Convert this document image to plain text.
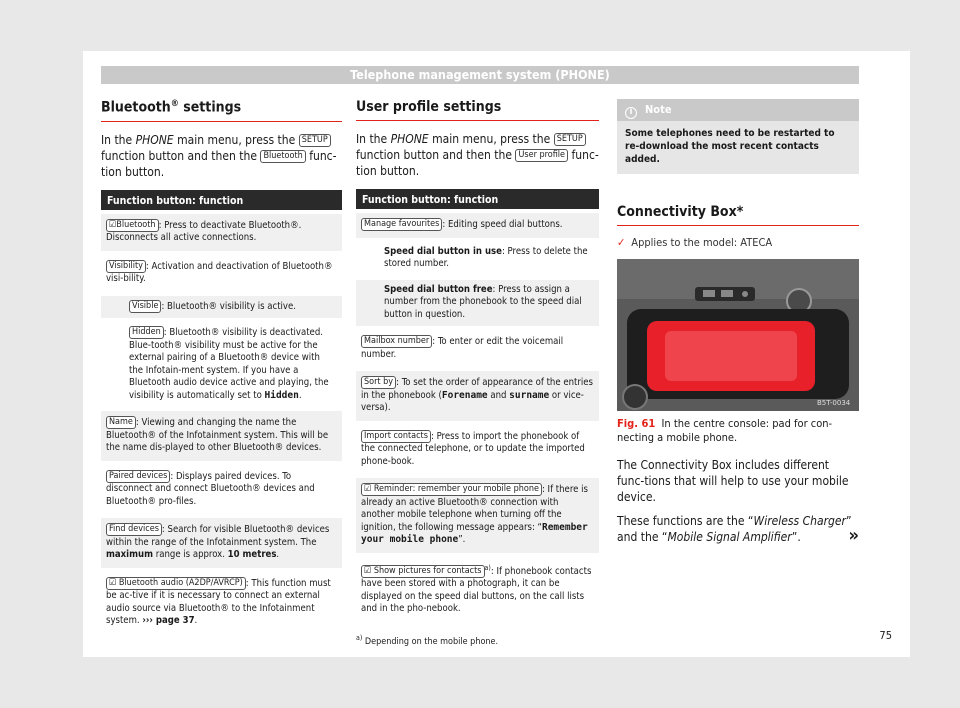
Telephone management system (PHONE)
Bluetooth® settings

In the PHONE main menu, press the SETUP function button and then the Bluetooth func-tion button.

Function button: function
☑Bluetooth : Press to deactivate Bluetooth®. Disconnects all active connections.
Visibility : Activation and deactivation of Bluetooth® visi-bility.
Visible : Bluetooth® visibility is active.
Hidden : Bluetooth® visibility is deactivated. Blue-tooth® visibility must be active for the external pairing of a Bluetooth® device with the Infotain-ment system. If you have a Bluetooth audio device active and playing, the visibility is automatically set to Hidden.
Name : Viewing and changing the name the Bluetooth® of the Infotainment system. This will be the name dis-played to other Bluetooth® devices.
Paired devices : Displays paired devices. To disconnect and connect Bluetooth® devices and Bluetooth® pro-files.
Find devices : Search for visible Bluetooth® devices within the range of the Infotainment system. The maximum range is approx. 10 metres.
☑ Bluetooth audio (A2DP/AVRCP) : This function must be ac-tive if it is necessary to connect an external audio source via Bluetooth® to the Infotainment system. ››› page 37.
User profile settings

In the PHONE main menu, press the SETUP function button and then the User profile func-tion button.

Function button: function
Manage favourites : Editing speed dial buttons.
Speed dial button in use: Press to delete the stored number.
Speed dial button free: Press to assign a number from the phonebook to the speed dial button in question.
Mailbox number : To enter or edit the voicemail number.
Sort by : To set the order of appearance of the entries in the phonebook (Forename and surname or vice-versa).
Import contacts : Press to import the phonebook of the connected telephone, or to update the imported phone-book.
☑ Reminder: remember your mobile phone : If there is already an active Bluetooth® connection with another mobile telephone when turning off the ignition, the following message appears: “Remember your mobile phone”.
☑ Show pictures for contacts $^{a)}$: If phonebook contacts have been stored with a photograph, it can be displayed on the speed dial buttons, on the call lists and in the pho-nebook.
$^{a)}$ Depending on the mobile phone.
i Note
Some telephones need to be restarted to re-download the most recent contacts added.
Connectivity Box*
✓ Applies to the model: ATECA
B5T-0034
Fig. 61 In the centre console: pad for con-necting a mobile phone.

The Connectivity Box includes different func-tions that will help to use your mobile device.

These functions are the “Wireless Charger” and the “Mobile Signal Amplifier”.	»

75
